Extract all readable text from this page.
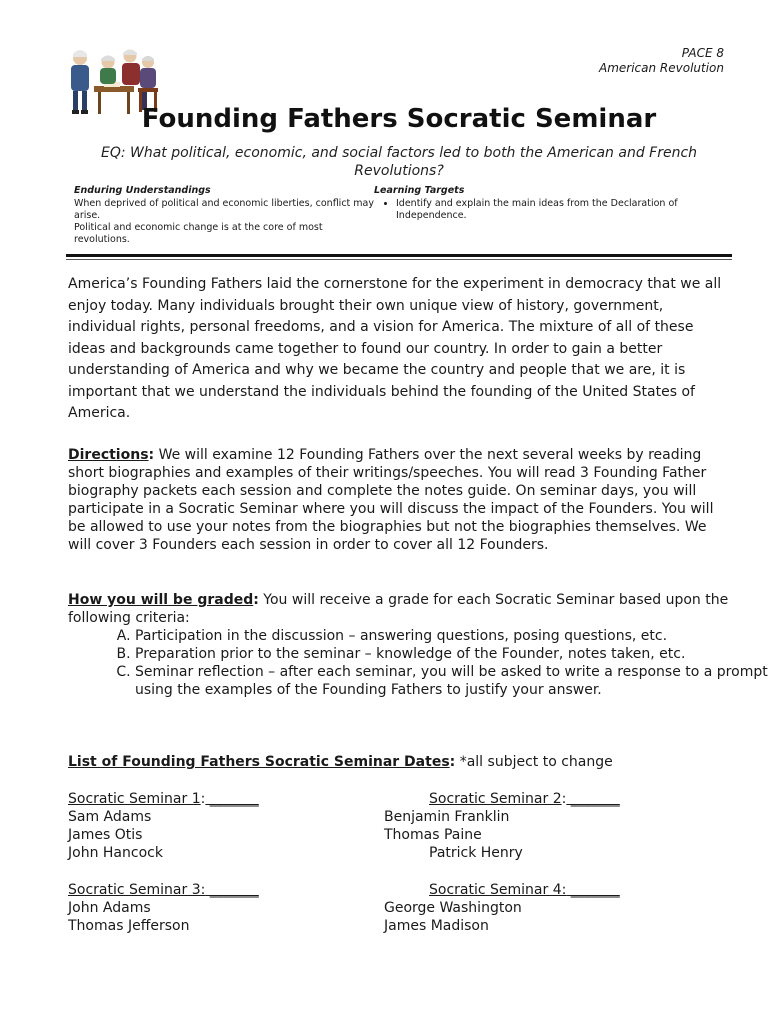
PACE 8
American Revolution
Founding Fathers Socratic Seminar
EQ: What political, economic, and social factors led to both the American and French Revolutions?
Enduring Understandings
When deprived of political and economic liberties, conflict may arise.
Political and economic change is at the core of most revolutions.
Learning Targets
• Identify and explain the main ideas from the Declaration of Independence.

America’s Founding Fathers laid the cornerstone for the experiment in democracy that we all enjoy today. Many individuals brought their own unique view of history, government, individual rights, personal freedoms, and a vision for America. The mixture of all of these ideas and backgrounds came together to found our country. In order to gain a better understanding of America and why we became the country and people that we are, it is important that we understand the individuals behind the founding of the United States of America.

Directions: We will examine 12 Founding Fathers over the next several weeks by reading short biographies and examples of their writings/speeches. You will read 3 Founding Father biography packets each session and complete the notes guide. On seminar days, you will participate in a Socratic Seminar where you will discuss the impact of the Founders. You will be allowed to use your notes from the biographies but not the biographies themselves. We will cover 3 Founders each session in order to cover all 12 Founders.

How you will be graded: You will receive a grade for each Socratic Seminar based upon the following criteria:

A. Participation in the discussion – answering questions, posing questions, etc.
B. Preparation prior to the seminar – knowledge of the Founder, notes taken, etc.
C. Seminar reflection – after each seminar, you will be asked to write a response to a prompt using the examples of the Founding Fathers to justify your answer.

List of Founding Fathers Socratic Seminar Dates: *all subject to change

Socratic Seminar 1: _______
Sam Adams
James Otis
John Hancock
Socratic Seminar 2: _______
Benjamin Franklin
Thomas Paine
Patrick Henry
Socratic Seminar 3: _______
John Adams
Thomas Jefferson
Socratic Seminar 4: _______
George Washington
James Madison
